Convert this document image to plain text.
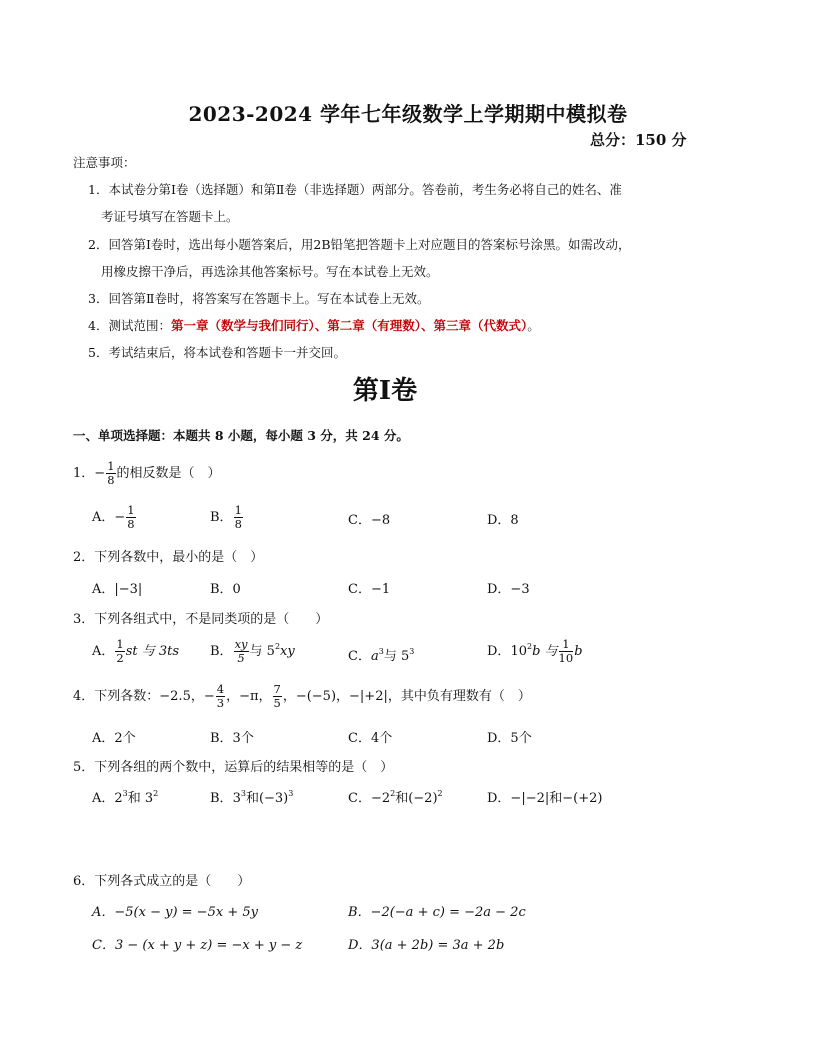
2023-2024 学年七年级数学上学期期中模拟卷
总分：150 分
注意事项：
1．本试卷分第Ⅰ卷（选择题）和第Ⅱ卷（非选择题）两部分。答卷前，考生务必将自己的姓名、准
考证号填写在答题卡上。
2．回答第Ⅰ卷时，选出每小题答案后，用2B铅笔把答题卡上对应题目的答案标号涂黑。如需改动，
用橡皮擦干净后，再选涂其他答案标号。写在本试卷上无效。
3．回答第Ⅱ卷时，将答案写在答题卡上。写在本试卷上无效。
4．测试范围：第一章（数学与我们同行）、第二章（有理数）、第三章（代数式）。
5．考试结束后，将本试卷和答题卡一并交回。
第Ⅰ卷
一、单项选择题：本题共 8 小题，每小题 3 分，共 24 分。
1．− $\frac{1}{8}$ 的相反数是（　）
A．− $\frac{1}{8}$	B． $\frac{1}{8}$	C．−8	D．8
2．下列各数中，最小的是（　）
A．|−3|	B．0	C．−1	D．−3
3．下列各组式中，不是同类项的是（　　）
A． $\frac{1}{2}$ st 与 3ts B． $\frac{xy}{5}$ 与 $5^2xy$	C．$a^3$与 $5^3$	D．$10^2b$ 与 $\frac{1}{10}$ b
4．下列各数：−2.5，− $\frac{4}{3}$ ，−π， $\frac{7}{5}$ ，−(−5)，−|+2|，其中负有理数有（　）
A．2个	B．3个	C．4个	D．5个
5．下列各组的两个数中，运算后的结果相等的是（　）
A．$2^3$和 $3^2$	B．$3^3$和$(-3)^3$	C．$-2^2$和$(-2)^2$	D．−|−2|和−(+2)
6．下列各式成立的是（　　）
A．−5(x − y) = −5x + 5y	B．−2(−a + c) = −2a − 2c
C．3 − (x + y + z) = −x + y − z	D．3(a + 2b) = 3a + 2b
